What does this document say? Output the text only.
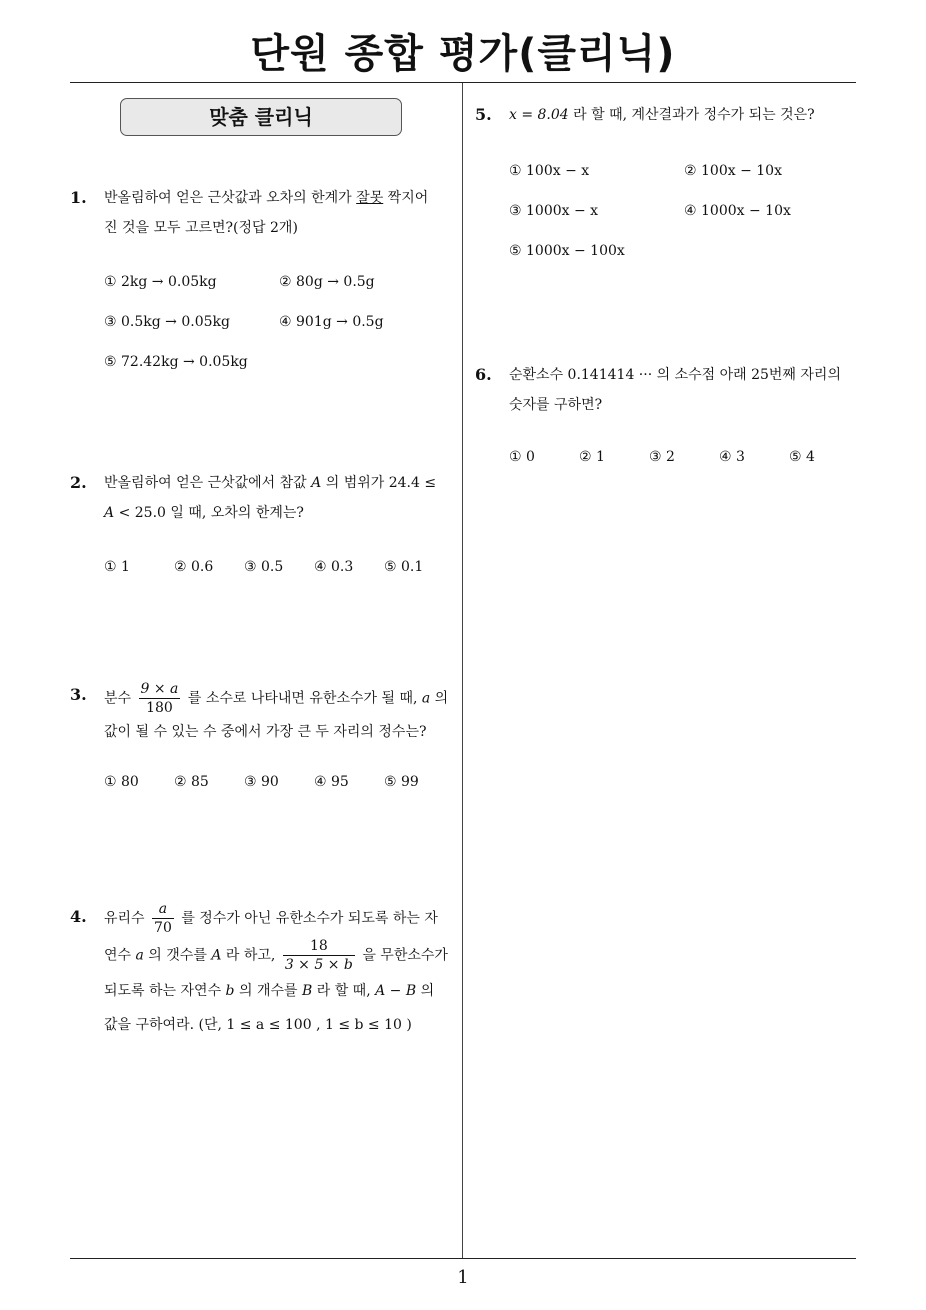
단원 종합 평가(클리닉)
1
맞춤 클리닉
1. 반올림하여 얻은 근삿값과 오차의 한계가 잘못 짝지어
진 것을 모두 고르면?(정답 2개)
① 2kg → 0.05kg	② 80g → 0.5g
③ 0.5kg → 0.05kg	④ 901g → 0.5g
⑤ 72.42kg → 0.05kg
2. 반올림하여 얻은 근삿값에서 참값 A 의 범위가 24.4 ≤
A < 25.0 일 때, 오차의 한계는?
① 1	② 0.6	③ 0.5	④ 0.3	⑤ 0.1
3. 분수 $\frac{9 \times a}{180}$ 를 소수로 나타내면 유한소수가 될 때, a 의
값이 될 수 있는 수 중에서 가장 큰 두 자리의 정수는?
① 80	② 85	③ 90	④ 95	⑤ 99
4. 유리수 $\frac{a}{70}$ 를 정수가 아닌 유한소수가 되도록 하는 자
연수 a 의 갯수를 A 라 하고, $\frac{18}{3 \times 5 \times b}$ 을 무한소수가
되도록 하는 자연수 b 의 개수를 B 라 할 때, A − B 의
값을 구하여라. (단, 1 ≤ a ≤ 100 , 1 ≤ b ≤ 10 )
5. x = 8.04̇ 라 할 때, 계산결과가 정수가 되는 것은?
① 100x − x	② 100x − 10x
③ 1000x − x	④ 1000x − 10x
⑤ 1000x − 100x
6. 순환소수 0.141414 ··· 의 소수점 아래 25번째 자리의
숫자를 구하면?
① 0	② 1	③ 2	④ 3	⑤ 4
